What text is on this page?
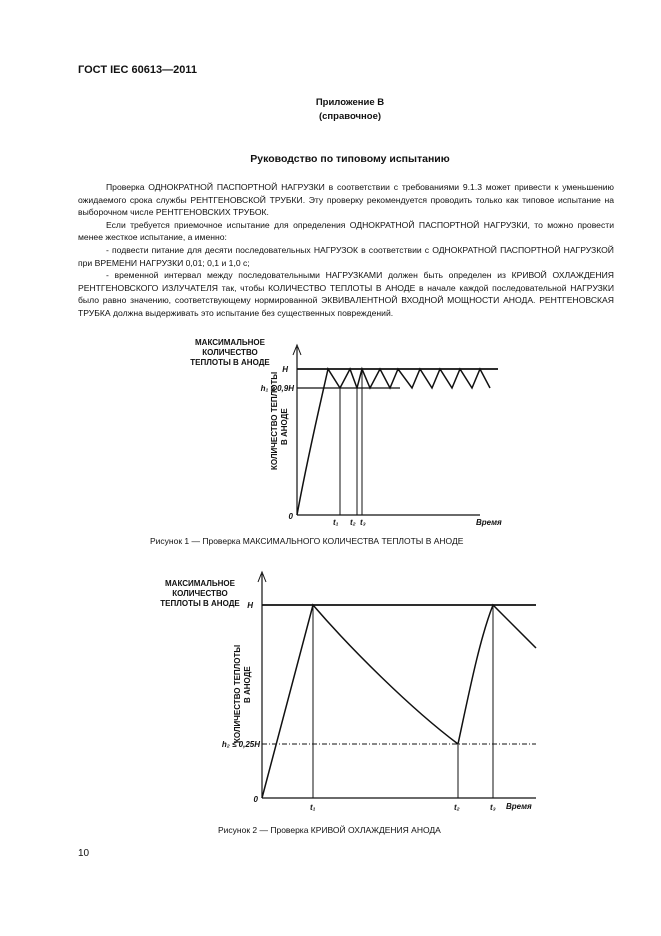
ГОСТ IEC 60613—2011
Приложение В
(справочное)
Руководство по типовому испытанию

Проверка ОДНОКРАТНОЙ ПАСПОРТНОЙ НАГРУЗКИ в соответствии с требованиями 9.1.3 может привести к уменьшению ожидаемого срока службы РЕНТГЕНОВСКОЙ ТРУБКИ. Эту проверку рекомендуется проводить только как типовое испытание на выборочном числе РЕНТГЕНОВСКИХ ТРУБОК.

Если требуется приемочное испытание для определения ОДНОКРАТНОЙ ПАСПОРТНОЙ НАГРУЗКИ, то можно провести менее жесткое испытание, а именно:

- подвести питание для десяти последовательных НАГРУЗОК в соответствии с ОДНОКРАТНОЙ ПАСПОРТНОЙ НАГРУЗКОЙ при ВРЕМЕНИ НАГРУЗКИ 0,01; 0,1 и 1,0 с;

- временной интервал между последовательными НАГРУЗКАМИ должен быть определен из КРИВОЙ ОХЛАЖДЕНИЯ РЕНТГЕНОВСКОГО ИЗЛУЧАТЕЛЯ так, чтобы КОЛИЧЕСТВО ТЕПЛОТЫ В АНОДЕ в начале каждой последовательной НАГРУЗКИ было равно значению, соответствующему нормированной ЭКВИВАЛЕНТНОЙ ВХОДНОЙ МОЩНОСТИ АНОДА. РЕНТГЕНОВСКАЯ ТРУБКА должна выдерживать это испытание без существенных повреждений.

МАКСИМАЛЬНОЕ
КОЛИЧЕСТВО
ТЕПЛОТЫ В АНОДЕ
КОЛИЧЕСТВО ТЕПЛОТЫ В АНОДЕ
H
h₁ ≥ 0,9H
0
t₁ t₂ t₃	Время
Рисунок 1 — Проверка МАКСИМАЛЬНОГО КОЛИЧЕСТВА ТЕПЛОТЫ В АНОДЕ
МАКСИМАЛЬНОЕ
КОЛИЧЕСТВО
ТЕПЛОТЫ В АНОДЕ
КОЛИЧЕСТВО ТЕПЛОТЫ В АНОДЕ
H
h₂ ≤ 0,25H
0
t₁	t₂	t₃ Время
Рисунок 2 — Проверка КРИВОЙ ОХЛАЖДЕНИЯ АНОДА
10
